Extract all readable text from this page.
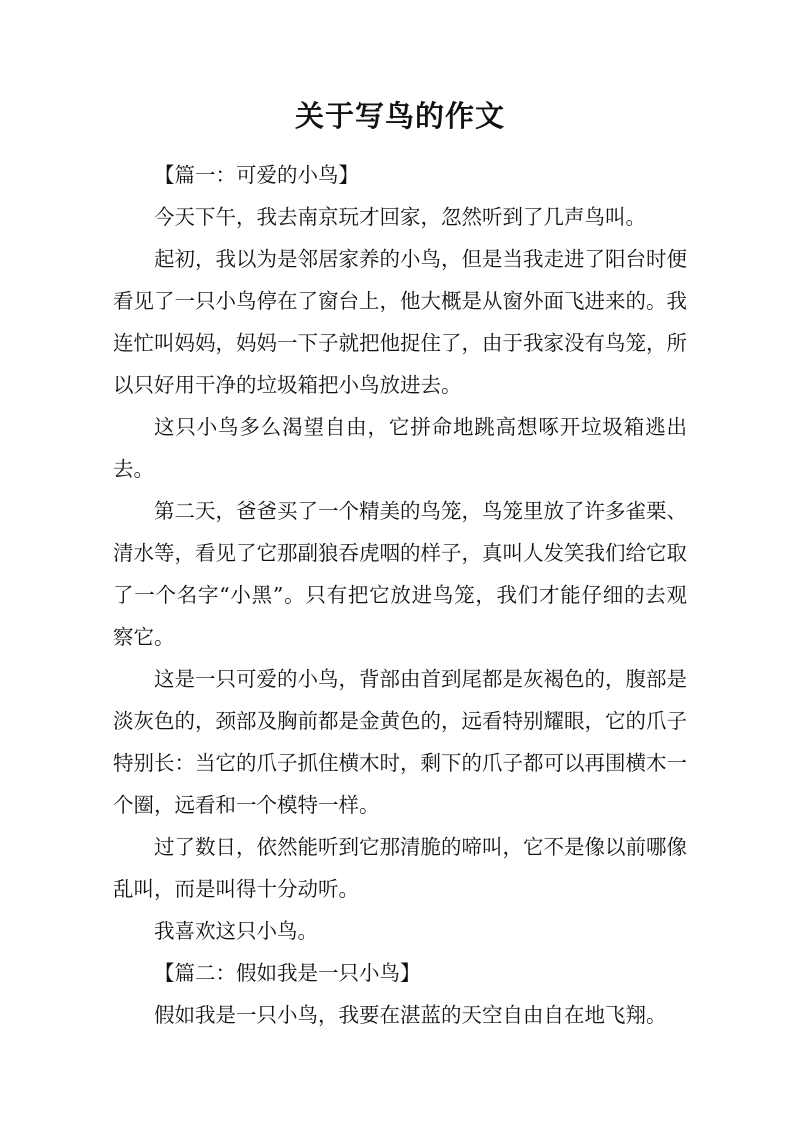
关于写鸟的作文

【篇一：可爱的小鸟】

今天下午，我去南京玩才回家，忽然听到了几声鸟叫。

起初，我以为是邻居家养的小鸟，但是当我走进了阳台时便看见了一只小鸟停在了窗台上，他大概是从窗外面飞进来的。我连忙叫妈妈，妈妈一下子就把他捉住了，由于我家没有鸟笼，所以只好用干净的垃圾箱把小鸟放进去。

这只小鸟多么渴望自由，它拼命地跳高想啄开垃圾箱逃出去。

第二天，爸爸买了一个精美的鸟笼，鸟笼里放了许多雀栗、清水等，看见了它那副狼吞虎咽的样子，真叫人发笑我们给它取了一个名字“小黑”。只有把它放进鸟笼，我们才能仔细的去观察它。

这是一只可爱的小鸟，背部由首到尾都是灰褐色的，腹部是淡灰色的，颈部及胸前都是金黄色的，远看特别耀眼，它的爪子特别长：当它的爪子抓住横木时，剩下的爪子都可以再围横木一个圈，远看和一个模特一样。

过了数日，依然能听到它那清脆的啼叫，它不是像以前哪像乱叫，而是叫得十分动听。

我喜欢这只小鸟。

【篇二：假如我是一只小鸟】

假如我是一只小鸟，我要在湛蓝的天空自由自在地飞翔。
